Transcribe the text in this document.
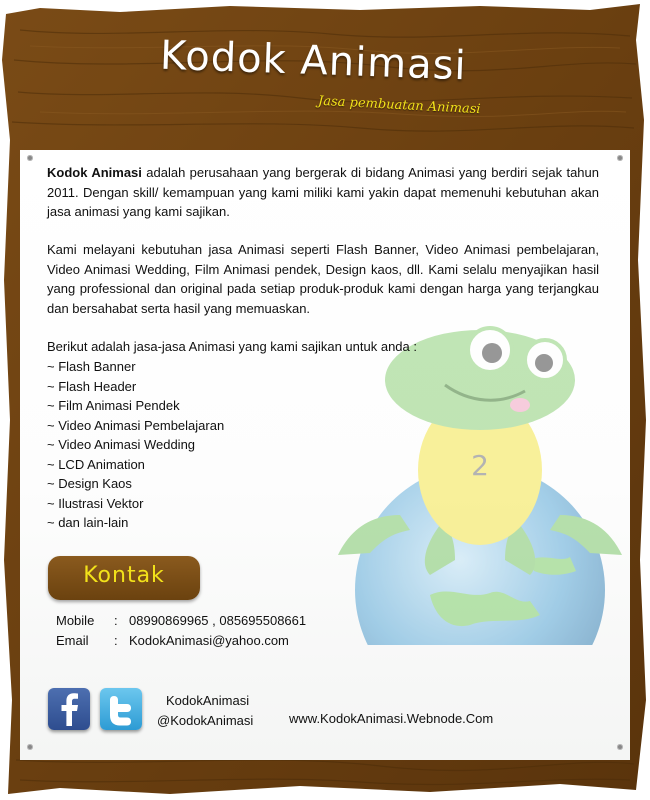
Kodok Animasi
Jasa pembuatan Animasi
2
Kodok Animasi adalah perusahaan yang bergerak di bidang Animasi yang berdiri sejak tahun 2011. Dengan skill/ kemampuan yang kami miliki kami yakin dapat memenuhi kebutuhan akan jasa animasi yang kami sajikan.
Kami melayani kebutuhan jasa Animasi seperti Flash Banner, Video Animasi pembelajaran, Video Animasi Wedding, Film Animasi pendek, Design kaos, dll. Kami selalu menyajikan hasil yang professional dan original pada setiap produk-produk kami dengan harga yang terjangkau dan bersahabat serta hasil yang memuaskan.
Berikut adalah jasa-jasa Animasi yang kami sajikan untuk anda :
~ Flash Banner
~ Flash Header
~ Film Animasi Pendek
~ Video Animasi Pembelajaran
~ Video Animasi Wedding
~ LCD Animation
~ Design Kaos
~ Ilustrasi Vektor
~ dan lain-lain
Kontak
Mobile : 08990869965 , 085695508661
Email : KodokAnimasi@yahoo.com
KodokAnimasi
@KodokAnimasi	www.KodokAnimasi.Webnode.Com
